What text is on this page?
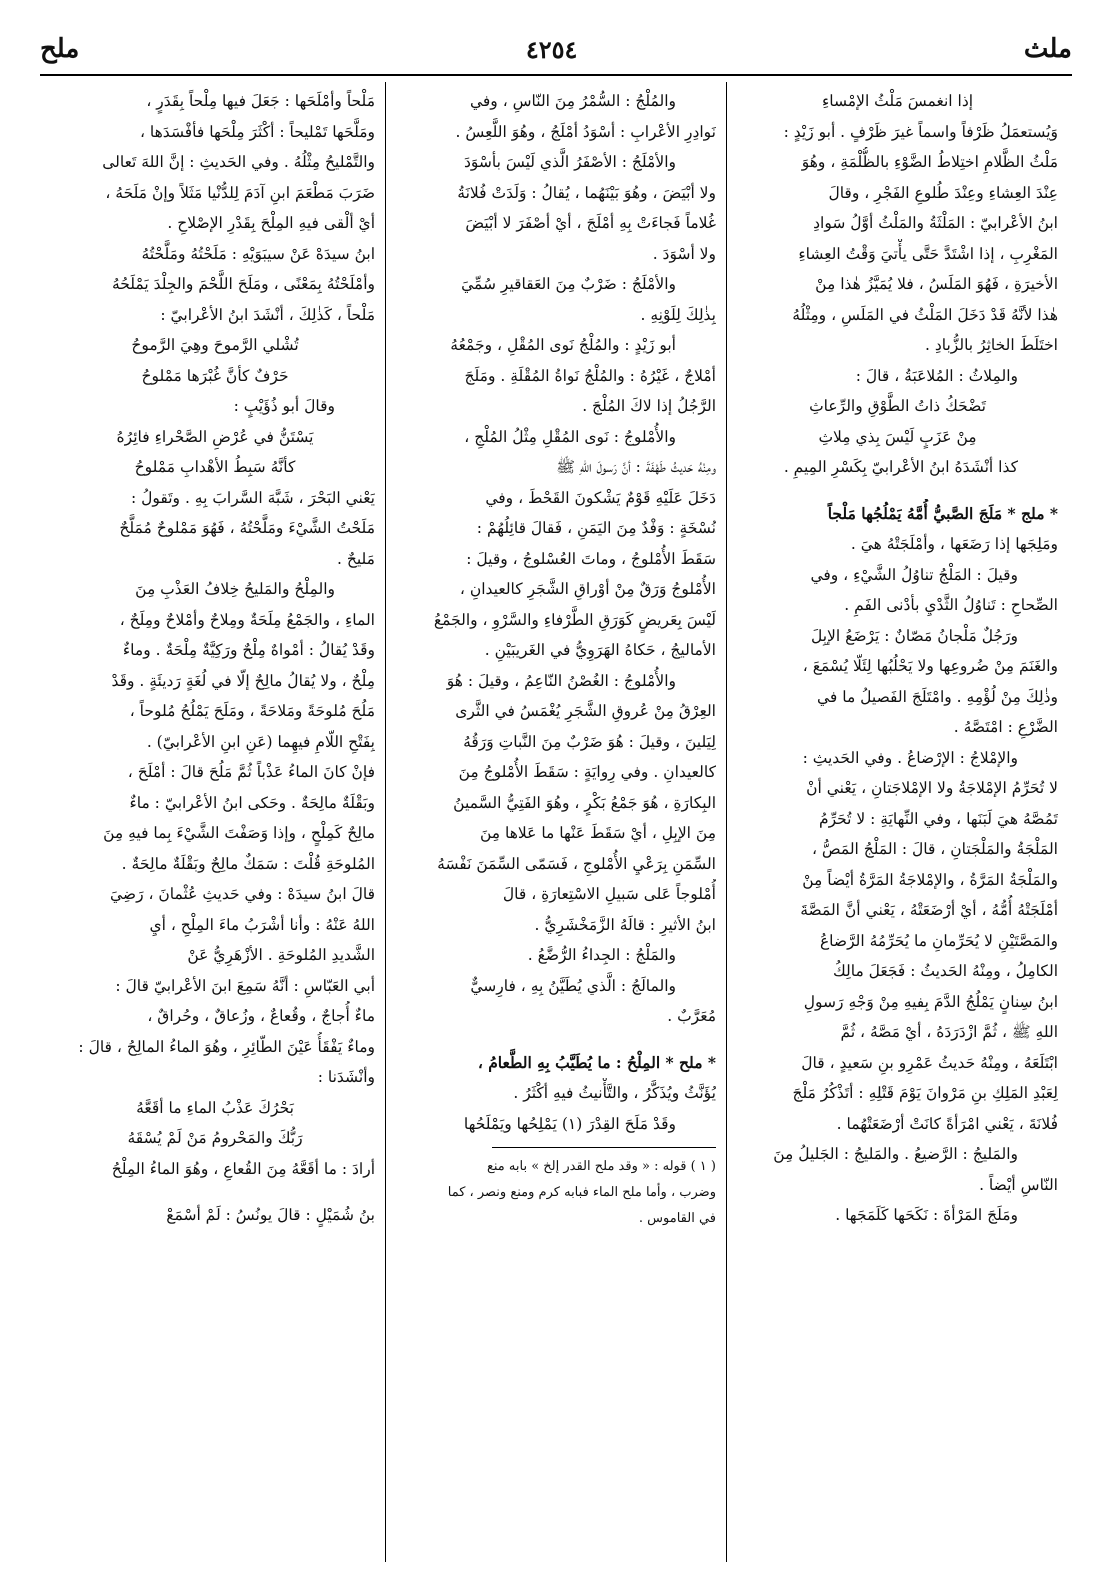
ملح	٤٢٥٤	ملث
إذا انغمسَ مَلْثُ الإمْساءِ
وَيُستعمَلُ ظَرْفاً واسماً غيرَ ظَرْفٍ . أبو زَيْدٍ :
مَلْثُ الظَّلامِ اختِلاطُ الضَّوْءِ بالظُّلْمَةِ ، وهُوَ
عِنْدَ العِشاءِ وعِنْدَ طُلوعِ الفَجْرِ ، وقالَ
ابنُ الأعْرابيّ : المَلْثَةُ والمَلْثُ أوَّلُ سَوادِ
المَغْرِبِ ، إذا اشْتَدَّ حَتَّى يأْتيَ وَقْتُ العِشاءِ
الأخيرَةِ ، فَهُوَ المَلَسُ ، فلا يُمَيَّزُ هٰذا مِنْ
هٰذا لأنَّهُ قَدْ دَخَلَ المَلْثُ في المَلَسِ ، ومِثْلُهُ
اختَلَطَ الخاثِرُ بالزُّبادِ .
والمِلاثُ : المُلاعَبَةُ ، قالَ :
تَضْحَكُ ذاتُ الطَّوْقِ والرِّعاثِ
مِنْ عَزَبٍ لَيْسَ بِذي مِلاثِ
كذا أنْشَدَهُ ابنُ الأعْرابيّ بِكَسْرِ المِيمِ .
* ملج * مَلَجَ الصَّبيُّ أُمَّهُ يَمْلُجُها مَلْجاً
ومَلِجَها إذا رَضَعَها ، وأمْلَجَتْهُ هيَ .
وقيلَ : المَلْجُ تناوُلُ الشَّيْءِ ، وفي
الصِّحاحِ : تَناوُلُ الثَّدْيِ بأدْنى الفَمِ .
ورَجُلٌ مَلْجانُ مَصّانٌ : يَرْضَعُ الإبِلَ
والغَنَمَ مِنْ ضُروعِها ولا يَحْلُبُها لِئَلّا يُسْمَعَ ،
وذٰلِكَ مِنْ لُؤْمِهِ . وامْتَلَجَ الفَصيلُ ما في
الضَّرْعِ : امْتَصَّهُ .
والإمْلاجُ : الإرْضاعُ . وفي الحَديثِ :
لا تُحَرِّمُ الإمْلاجَةُ ولا الإمْلاجَتانِ ، يَعْني أنْ
تَمُصَّهُ هيَ لَبَنَها ، وفي النِّهايَةِ : لا تُحَرِّمُ
المَلْجَةُ والمَلْجَتانِ ، قالَ : المَلْجُ المَصُّ ،
والمَلْجَةُ المَرَّةُ ، والإمْلاجَةُ المَرَّةُ أيْضاً مِنْ
أمْلَجَتْهُ أُمُّهُ ، أيْ أرْضَعَتْهُ ، يَعْني أنَّ المَصَّةَ
والمَصَّتَيْنِ لا يُحَرِّمانِ ما يُحَرِّمُهُ الرَّضاعُ
الكامِلُ ، ومِنْهُ الحَديثُ : فَجَعَلَ مالِكُ
ابنُ سِنانٍ يَمْلُجُ الدَّمَ بِفيهِ مِنْ وَجْهِ رَسولِ
اللهِ ﷺ ، ثُمَّ ازْدَرَدَهُ ، أيْ مَصَّهُ ، ثُمَّ
ابْتَلَعَهُ ، ومِنْهُ حَديثُ عَمْرِو بنِ سَعيدٍ ، قالَ
لِعَبْدِ المَلِكِ بنِ مَرْوانَ يَوْمَ قَتْلِهِ : أتَذْكُرُ مَلْجَ
فُلانَةَ ، يَعْني امْرَأةً كانَتْ أرْضَعَتْهُما .
والمَليجُ : الرَّضيعُ . والمَليجُ : الجَليلُ مِنَ
النّاسِ أيْضاً .
ومَلَجَ المَرْأةَ : نَكَحَها كَلَمَجَها .
والمُلْجُ : السُّمْرُ مِنَ النّاسِ ، وفي
نَوادِرِ الأعْرابِ : أسْوَدُ أمْلَجُ ، وهُوَ اللَّعِسُ .
والأمْلَجُ : الأصْفَرُ الَّذي لَيْسَ بأسْوَدَ
ولا أبْيَضَ ، وهُوَ بَيْنَهُما ، يُقالُ : وَلَدَتْ فُلانَةُ
غُلاماً فَجاءَتْ بِهِ أمْلَجَ ، أيْ أصْفَرَ لا أبْيَضَ
ولا أسْوَدَ .
والأمْلَجُ : ضَرْبٌ مِنَ العَقاقيرِ سُمِّيَ
بِذٰلِكَ لِلَوْنِهِ .
أبو زَيْدٍ : والمُلْجُ نَوى المُقْلِ ، وجَمْعُهُ
أمْلاجٌ ، غَيْرُهُ : والمُلْجُ نَواةُ المُقْلَةِ . ومَلَجَ
الرَّجُلُ إذا لاكَ المُلْجَ .
والأُمْلوجُ : نَوى المُقْلِ مِثْلُ المُلْجِ ،
ومِنْهُ حَديثُ طَهْفَةَ : أنَّ رَسولَ اللهِ ﷺ
دَخَلَ عَلَيْهِ قَوْمٌ يَشْكونَ القَحْطَ ، وفي
نُسْخَةٍ : وَفْدٌ مِنَ اليَمَنِ ، فَقالَ قائِلُهُمْ :
سَقَطَ الأُمْلوجُ ، وماتَ العُسْلوجُ ، وقيلَ :
الأُمْلوجُ وَرَقٌ مِنْ أوْراقِ الشَّجَرِ كالعيدانِ ،
لَيْسَ بِعَريضٍ كَوَرَقِ الطَّرْفاءِ والسَّرْوِ ، والجَمْعُ
الأماليجُ ، حَكاهُ الهَرَوِيُّ في الغَريبَيْنِ .
والأُمْلوجُ : الغُصْنُ النّاعِمُ ، وقيلَ : هُوَ
العِرْقُ مِنْ عُروقِ الشَّجَرِ يُغْمَسُ في الثَّرى
لِيَلينَ ، وقيلَ : هُوَ ضَرْبٌ مِنَ النَّباتِ وَرَقُهُ
كالعيدانِ . وفي رِوايَةٍ : سَقَطَ الأُمْلوجُ مِنَ
البِكارَةِ ، هُوَ جَمْعُ بَكْرٍ ، وهُوَ الفَتِيُّ السَّمينُ
مِنَ الإبِلِ ، أيْ سَقَطَ عَنْها ما عَلاها مِنَ
السِّمَنِ بِرَعْيِ الأُمْلوجِ ، فَسَمّى السِّمَنَ نَفْسَهُ
أُمْلوجاً عَلى سَبيلِ الاسْتِعارَةِ ، قالَ
ابنُ الأثيرِ : قالَهُ الزَّمَخْشَرِيُّ .
والمَلْجُ : الجِداءُ الرُّضَّعُ .
والمالَجُ : الَّذي يُطَيَّنُ بِهِ ، فارِسيٌّ
مُعَرَّبٌ .
* ملح * المِلْحُ : ما يُطَيَّبُ بِهِ الطَّعامُ ،
يُؤَنَّثُ ويُذَكَّرُ ، والتَّأْنيثُ فيهِ أكْثَرُ .
وقَدْ مَلَحَ القِدْرَ (١) يَمْلِحُها ويَمْلَحُها
( ١ ) قوله : « وقد ملح القدر إلخ » بابه منع
وضرب ، وأما ملح الماء فبابه كرم ومنع ونصر ، كما
في القاموس .
مَلْحاً وأمْلَحَها : جَعَلَ فيها مِلْحاً بِقَدَرٍ ،
ومَلَّحَها تَمْليحاً : أكْثَرَ مِلْحَها فأفْسَدَها ،
والتَّمْليحُ مِثْلُهُ . وفي الحَديثِ : إنَّ اللهَ تَعالى
ضَرَبَ مَطْعَمَ ابنِ آدَمَ لِلدُّنْيا مَثَلاً وإنْ مَلَحَهُ ،
أيْ ألْقى فيهِ المِلْحَ بِقَدْرِ الإصْلاحِ .
ابنُ سيدَهْ عَنْ سيبَوَيْهِ : مَلَحْتُهُ ومَلَّحْتُهُ
وأمْلَحْتُهُ بِمَعْنًى ، ومَلَحَ اللَّحْمَ والجِلْدَ يَمْلَحُهُ
مَلْحاً ، كَذٰلِكَ ، أنْشَدَ ابنُ الأعْرابيّ :
تُشْلي الرَّموحَ وهِيَ الرَّموحُ
حَرْفٌ كأنَّ غُبْرَها مَمْلوحُ
وقالَ أبو ذُؤَيْبٍ :
يَسْتَنُّ في عُرْضِ الصَّحْراءِ فائِرُهُ
كأنَّهُ سَبِطُ الأهْدابِ مَمْلوحُ
يَعْني البَحْرَ ، شَبَّهَ السَّرابَ بِهِ . وتَقولُ :
مَلَحْتُ الشَّيْءَ ومَلَّحْتُهُ ، فَهُوَ مَمْلوحٌ مُمَلَّحٌ
مَليحٌ .
والمِلْحُ والمَليحُ خِلافُ العَذْبِ مِنَ
الماءِ ، والجَمْعُ مِلَحَةٌ ومِلاحٌ وأمْلاحٌ ومِلَحٌ ،
وقَدْ يُقالُ : أمْواهٌ مِلْحٌ ورَكِيَّةٌ مِلْحَةٌ . وماءٌ
مِلْحٌ ، ولا يُقالُ مالِحٌ إلّا في لُغَةٍ رَديئَةٍ . وقَدْ
مَلُحَ مُلوحَةً ومَلاحَةً ، ومَلَحَ يَمْلُحُ مُلوحاً ،
بِفَتْحِ اللّامِ فيهِما (عَنِ ابنِ الأعْرابيّ) .
فإنْ كانَ الماءُ عَذْباً ثُمَّ مَلُحَ قالَ : أمْلَحَ ،
وبَقْلَةٌ مالِحَةٌ . وحَكى ابنُ الأعْرابيّ : ماءٌ
مالِحٌ كَمِلْحٍ ، وإذا وَصَفْتَ الشَّيْءَ بِما فيهِ مِنَ
المُلوحَةِ قُلْتَ : سَمَكٌ مالِحٌ وبَقْلَةٌ مالِحَةٌ .
قالَ ابنُ سيدَهْ : وفي حَديثِ عُثْمانَ ، رَضِيَ
اللهُ عَنْهُ : وأنا أشْرَبُ ماءَ المِلْحِ ، أيِ
الشَّديدِ المُلوحَةِ . الأزْهَرِيُّ عَنْ
أبي العَبّاسِ : أنَّهُ سَمِعَ ابنَ الأعْرابيّ قالَ :
ماءٌ أُجاجٌ ، وقُعاعٌ ، وزُعاقٌ ، وحُراقٌ ،
وماءٌ يَفْقَأُ عَيْنَ الطّائِرِ ، وهُوَ الماءُ المالِحُ ، قالَ :
وأنْشَدَنا :
بَحْرُكَ عَذْبُ الماءِ ما أقَعَّهُ
رَبُّكَ والمَحْرومُ مَنْ لَمْ يُسْقَهُ
أرادَ : ما أقَعَّهُ مِنَ القُعاعِ ، وهُوَ الماءُ المِلْحُ
بنُ شُمَيْلٍ : قالَ يونُسُ : لَمْ أسْمَعْ
